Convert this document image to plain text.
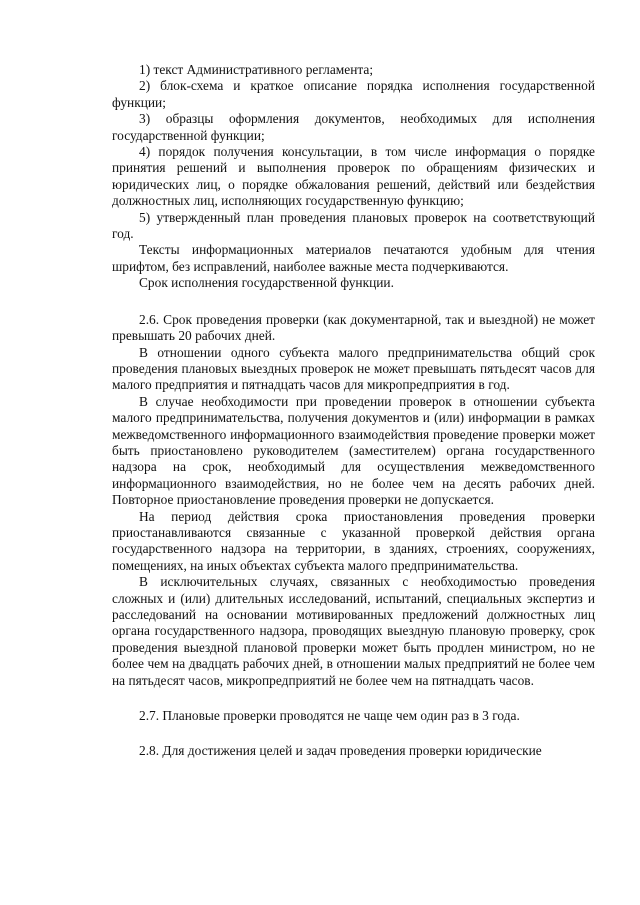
1) текст Административного регламента;

2) блок-схема и краткое описание порядка исполнения государственной функции;

3) образцы оформления документов, необходимых для исполнения государственной функции;

4) порядок получения консультации, в том числе информация о порядке принятия решений и выполнения проверок по обращениям физических и юридических лиц, о порядке обжалования решений, действий или бездействия должностных лиц, исполняющих государственную функцию;

5) утвержденный план проведения плановых проверок на соответствующий год.

Тексты информационных материалов печатаются удобным для чтения шрифтом, без исправлений, наиболее важные места подчеркиваются.

Срок исполнения государственной функции.

2.6. Срок проведения проверки (как документарной, так и выездной) не может превышать 20 рабочих дней.

В отношении одного субъекта малого предпринимательства общий срок проведения плановых выездных проверок не может превышать пятьдесят часов для малого предприятия и пятнадцать часов для микропредприятия в год.

В случае необходимости при проведении проверок в отношении субъекта малого предпринимательства, получения документов и (или) информации в рамках межведомственного информационного взаимодействия проведение проверки может быть приостановлено руководителем (заместителем) органа государственного надзора на срок, необходимый для осуществления межведомственного информационного взаимодействия, но не более чем на десять рабочих дней. Повторное приостановление проведения проверки не допускается.

На период действия срока приостановления проведения проверки приостанавливаются связанные с указанной проверкой действия органа государственного надзора на территории, в зданиях, строениях, сооружениях, помещениях, на иных объектах субъекта малого предпринимательства.

В исключительных случаях, связанных с необходимостью проведения сложных и (или) длительных исследований, испытаний, специальных экспертиз и расследований на основании мотивированных предложений должностных лиц органа государственного надзора, проводящих выездную плановую проверку, срок проведения выездной плановой проверки может быть продлен министром, но не более чем на двадцать рабочих дней, в отношении малых предприятий не более чем на пятьдесят часов, микропредприятий не более чем на пятнадцать часов.

2.7. Плановые проверки проводятся не чаще чем один раз в 3 года.

2.8. Для достижения целей и задач проведения проверки юридические
